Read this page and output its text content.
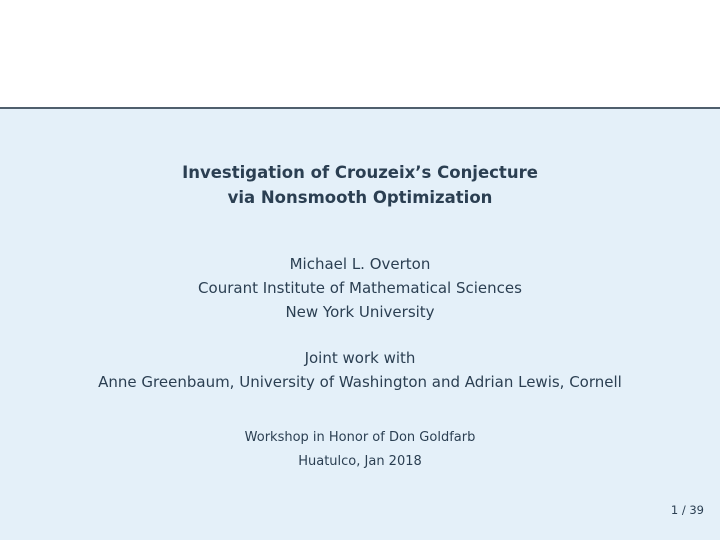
Investigation of Crouzeix’s Conjecture
via Nonsmooth Optimization
Michael L. Overton
Courant Institute of Mathematical Sciences
New York University
Joint work with
Anne Greenbaum, University of Washington and Adrian Lewis, Cornell
Workshop in Honor of Don Goldfarb
Huatulco, Jan 2018
1 / 39
